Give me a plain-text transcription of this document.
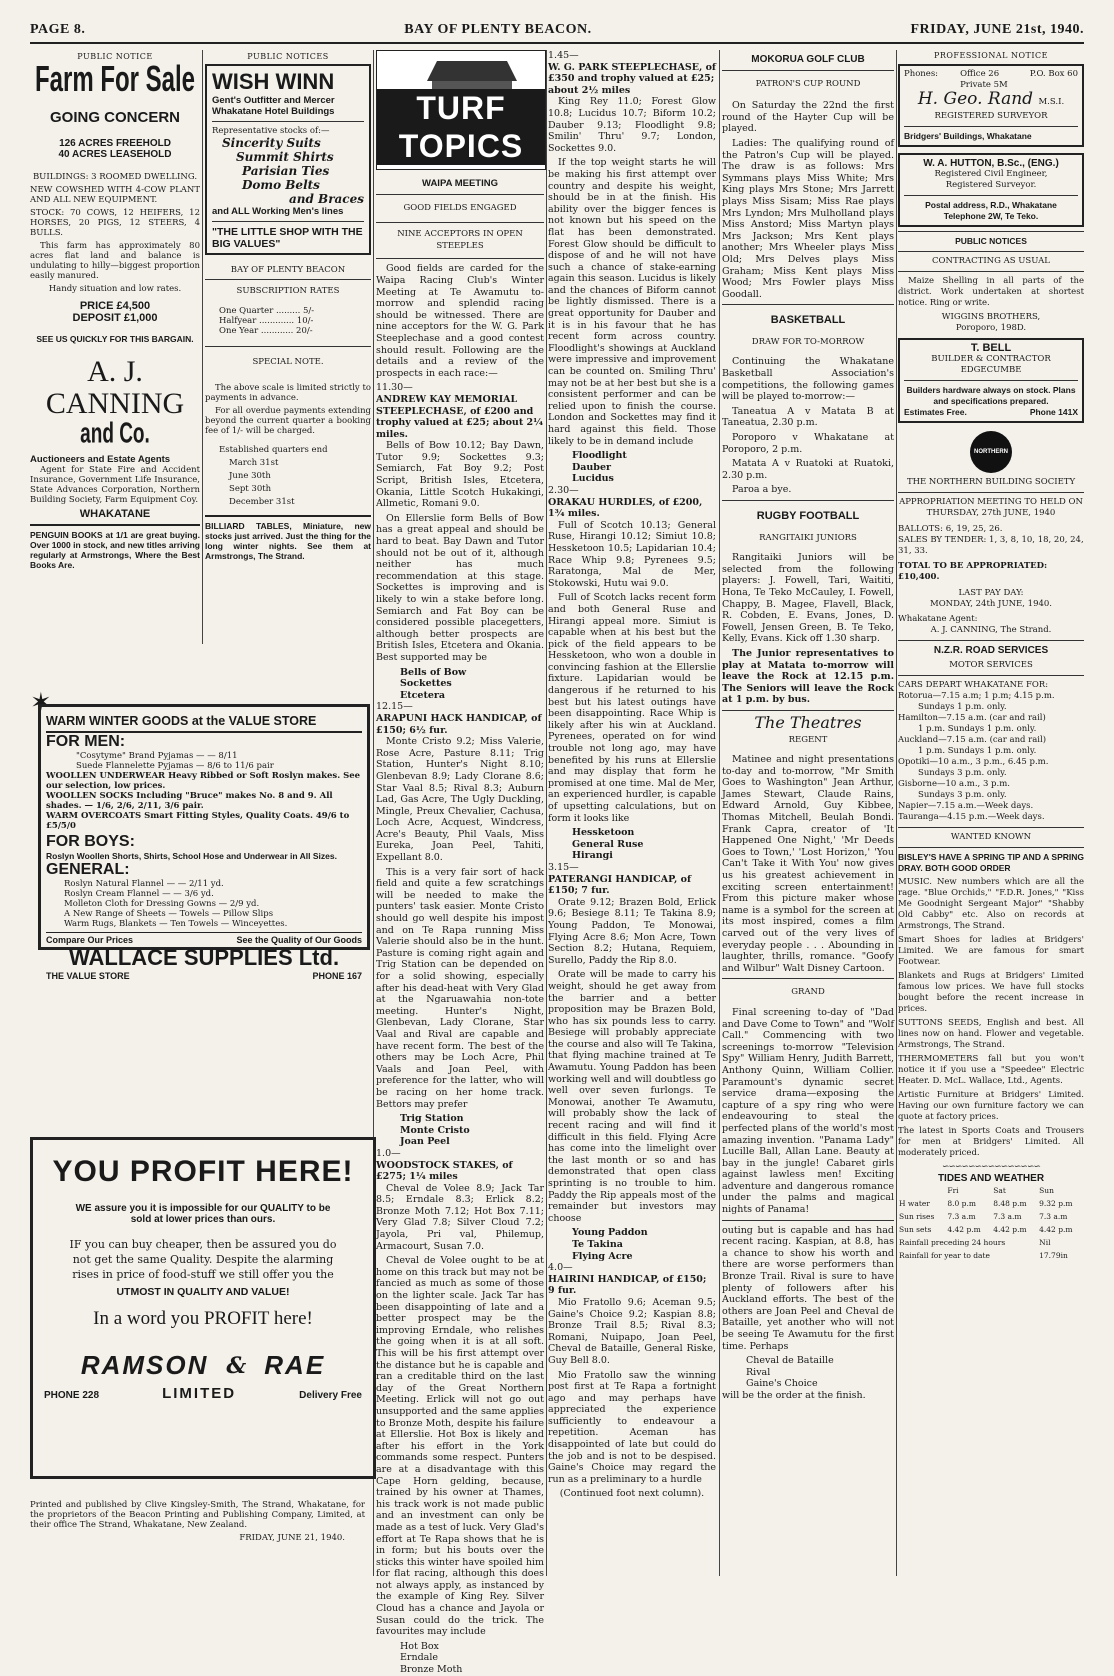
PAGE 8.	BAY OF PLENTY BEACON.	FRIDAY, JUNE 21st, 1940.
PUBLIC NOTICE
Farm For Sale
GOING CONCERN
126 ACRES FREEHOLD
40 ACRES LEASEHOLD

BUILDINGS: 3 ROOMED DWELLING.

NEW COWSHED WITH 4-COW PLANT AND ALL NEW EQUIPMENT.

STOCK: 70 COWS, 12 HEIFERS, 12 HORSES, 20 PIGS, 12 STEERS, 4 BULLS.

This farm has approximately 80 acres flat land and balance is undulating to hilly—biggest proportion easily manured.

Handy situation and low rates.

PRICE £4,500
DEPOSIT £1,000
SEE US QUICKLY FOR THIS BARGAIN.
A. J. CANNING
and Co.
Auctioneers and Estate Agents

Agent for State Fire and Accident Insurance, Government Life Insurance, State Advances Corporation, Northern Building Society, Farm Equipment Coy.

WHAKATANE

PENGUIN BOOKS at 1/1 are great buying. Over 1000 in stock, and new titles arriving regularly at Armstrongs, Where the Best Books Are.

PUBLIC NOTICES
WISH WINN
Gent's Outfitter and Mercer
Whakatane Hotel Buildings
Representative stocks of:—
Sincerity Suits
Summit Shirts
Parisian Ties
Domo Belts
and Braces
and ALL Working Men's lines
"THE LITTLE SHOP WITH THE BIG VALUES"
BAY OF PLENTY BEACON
SUBSCRIPTION RATES
One Quarter ......... 5/-
Halfyear ............. 10/-
One Year ............ 20/-
SPECIAL NOTE.

The above scale is limited strictly to payments in advance.

For all overdue payments extending beyond the current quarter a booking fee of 1/- will be charged.

Established quarters end
March 31st
June 30th
Sept 30th
December 31st

BILLIARD TABLES, Miniature, new stocks just arrived. Just the thing for the long winter nights. See them at Armstrongs, The Strand.

✶
WARM WINTER GOODS at the VALUE STORE
FOR MEN:
"Cosytyme" Brand Pyjamas — — 8/11
Suede Flannelette Pyjamas — 8/6 to 11/6 pair
WOOLLEN UNDERWEAR Heavy Ribbed or Soft Roslyn makes. See our selection, low prices.
WOOLLEN SOCKS Including "Bruce" makes No. 8 and 9. All shades. — 1/6, 2/6, 2/11, 3/6 pair.
WARM OVERCOATS Smart Fitting Styles, Quality Coats. 49/6 to £5/5/0
FOR BOYS:
Roslyn Woollen Shorts, Shirts, School Hose and Underwear in All Sizes.
GENERAL:
Roslyn Natural Flannel — — 2/11 yd.
Roslyn Cream Flannel — — 3/6 yd.
Molleton Cloth for Dressing Gowns — 2/9 yd.
A New Range of Sheets — Towels — Pillow Slips
Warm Rugs, Blankets — Ten Towels — Winceyettes.
Compare Our Prices	See the Quality of Our Goods
WALLACE SUPPLIES Ltd.
THE VALUE STORE	PHONE 167
YOU PROFIT HERE!
WE assure you it is impossible for our QUALITY to be sold at lower prices than ours.
IF you can buy cheaper, then be assured you do not get the same Quality. Despite the alarming rises in price of food-stuff we still offer you the
UTMOST IN QUALITY AND VALUE!
In a word you PROFIT here!
RAMSON & RAE
PHONE 228	LIMITED	Delivery Free

Printed and published by Clive Kingsley-Smith, The Strand, Whakatane, for the proprietors of the Beacon Printing and Publishing Company, Limited, at their office The Strand, Whakatane, New Zealand.

FRIDAY, JUNE 21, 1940.
TURF TOPICS
WAIPA MEETING
GOOD FIELDS ENGAGED
NINE ACCEPTORS IN OPEN STEEPLES

Good fields are carded for the Waipa Racing Club's Winter Meeting at Te Awamutu to-morrow and splendid racing should be witnessed. There are nine acceptors for the W. G. Park Steeplechase and a good contest should result. Following are the details and a review of the prospects in each race:—

11.30—
ANDREW KAY MEMORIAL STEEPLECHASE, of £200 and trophy valued at £25; about 2¼ miles.

Bells of Bow 10.12; Bay Dawn, Tutor 9.9; Sockettes 9.3; Semiarch, Fat Boy 9.2; Post Script, British Isles, Etcetera, Okania, Little Scotch Hukakingi, Allmetic, Romani 9.0.

On Ellerslie form Bells of Bow has a great appeal and should be hard to beat. Bay Dawn and Tutor should not be out of it, although neither has much recommendation at this stage. Sockettes is improving and is likely to win a stake before long. Semiarch and Fat Boy can be considered possible placegetters, although better prospects are British Isles, Etcetera and Okania. Best supported may be

Bells of Bow
Sockettes
Etcetera
12.15—
ARAPUNI HACK HANDICAP, of £150; 6½ fur.

Monte Cristo 9.2; Miss Valerie, Rose Acre, Pasture 8.11; Trig Station, Hunter's Night 8.10; Glenbevan 8.9; Lady Clorane 8.6; Star Vaal 8.5; Rival 8.3; Auburn Lad, Gas Acre, The Ugly Duckling, Mingle, Preux Chevalier, Cachusa, Loch Acre, Acquest, Windcress, Acre's Beauty, Phil Vaals, Miss Eureka, Joan Peel, Tahiti, Expellant 8.0.

This is a very fair sort of hack field and quite a few scratchings will be needed to make the punters' task easier. Monte Cristo should go well despite his impost and on Te Rapa running Miss Valerie should also be in the hunt. Pasture is coming right again and Trig Station can be depended on for a solid showing, especially after his dead-heat with Very Glad at the Ngaruawahia non-tote meeting. Hunter's Night, Glenbevan, Lady Clorane, Star Vaal and Rival are capable and have recent form. The best of the others may be Loch Acre, Phil Vaals and Joan Peel, with preference for the latter, who will be racing on her home track. Bettors may prefer

Trig Station
Monte Cristo
Joan Peel
1.0—
WOODSTOCK STAKES, of £275; 1¼ miles

Cheval de Volee 8.9; Jack Tar 8.5; Erndale 8.3; Erlick 8.2; Bronze Moth 7.12; Hot Box 7.11; Very Glad 7.8; Silver Cloud 7.2; Jayola, Pri val, Philemup, Armacourt, Susan 7.0.

Cheval de Volee ought to be at home on this track but may not be fancied as much as some of those on the lighter scale. Jack Tar has been disappointing of late and a better prospect may be the improving Erndale, who relishes the going when it is at all soft. This will be his first attempt over the distance but he is capable and ran a creditable third on the last day of the Great Northern Meeting. Erlick will not go out unsupported and the same applies to Bronze Moth, despite his failure at Ellerslie. Hot Box is likely and after his effort in the York commands some respect. Punters are at a disadvantage with this Cape Horn gelding, because, trained by his owner at Thames, his track work is not made public and an investment can only be made as a test of luck. Very Glad's effort at Te Rapa shows that he is in form; but his bouts over the sticks this winter have spoiled him for flat racing, although this does not always apply, as instanced by the example of King Rey. Silver Cloud has a chance and Jayola or Susan could do the trick. The favourites may include

Hot Box
Erndale
Bronze Moth
1.45—
W. G. PARK STEEPLECHASE, of £350 and trophy valued at £25; about 2½ miles

King Rey 11.0; Forest Glow 10.8; Lucidus 10.7; Biform 10.2; Dauber 9.13; Floodlight 9.8; Smilin' Thru' 9.7; London, Sockettes 9.0.

If the top weight starts he will be making his first attempt over country and despite his weight, should be in at the finish. His ability over the bigger fences is not known but his speed on the flat has been demonstrated. Forest Glow should be difficult to dispose of and he will not have such a chance of stake-earning again this season. Lucidus is likely and the chances of Biform cannot be lightly dismissed. There is a great opportunity for Dauber and it is in his favour that he has recent form across country. Floodlight's showings at Auckland were impressive and improvement can be counted on. Smiling Thru' may not be at her best but she is a consistent performer and can be relied upon to finish the course. London and Sockettes may find it hard against this field. Those likely to be in demand include

Floodlight
Dauber
Lucidus
2.30—
ORAKAU HURDLES, of £200, 1¾ miles.

Full of Scotch 10.13; General Ruse, Hirangi 10.12; Simiut 10.8; Hessketoon 10.5; Lapidarian 10.4; Race Whip 9.8; Pyrenees 9.5; Raratonga, Mal de Mer, Stokowski, Hutu wai 9.0.

Full of Scotch lacks recent form and both General Ruse and Hirangi appeal more. Simiut is capable when at his best but the pick of the field appears to be Hessketoon, who won a double in convincing fashion at the Ellerslie fixture. Lapidarian would be dangerous if he returned to his best but his latest outings have been disappointing. Race Whip is likely after his win at Auckland. Pyrenees, operated on for wind trouble not long ago, may have benefited by his runs at Ellerslie and may display that form he promised at one time. Mal de Mer, an experienced hurdler, is capable of upsetting calculations, but on form it looks like

Hessketoon
General Ruse
Hirangi
3.15—
PATERANGI HANDICAP, of £150; 7 fur.

Orate 9.12; Brazen Bold, Erlick 9.6; Besiege 8.11; Te Takina 8.9; Young Paddon, Te Monowai, Flying Acre 8.6; Mon Acre, Town Section 8.2; Hutana, Requiem, Surello, Paddy the Rip 8.0.

Orate will be made to carry his weight, should he get away from the barrier and a better proposition may be Brazen Bold, who has six pounds less to carry. Besiege will probably appreciate the course and also will Te Takina, that flying machine trained at Te Awamutu. Young Paddon has been working well and will doubtless go well over seven furlongs. Te Monowai, another Te Awamutu, will probably show the lack of recent racing and will find it difficult in this field. Flying Acre has come into the limelight over the last month or so and has demonstrated that open class sprinting is no trouble to him. Paddy the Rip appeals most of the remainder but investors may choose

Young Paddon
Te Takina
Flying Acre
4.0—
HAIRINI HANDICAP, of £150; 9 fur.

Mio Fratollo 9.6; Aceman 9.5; Gaine's Choice 9.2; Kaspian 8.8; Bronze Trail 8.5; Rival 8.3; Romani, Nuipapo, Joan Peel, Cheval de Bataille, General Riske, Guy Bell 8.0.

Mio Fratollo saw the winning post first at Te Rapa a fortnight ago and may perhaps have appreciated the experience sufficiently to endeavour a repetition. Aceman has disappointed of late but could do the job and is not to be despised. Gaine's Choice may regard the run as a preliminary to a hurdle

(Continued foot next column).
MOKORUA GOLF CLUB
PATRON'S CUP ROUND

On Saturday the 22nd the first round of the Hayter Cup will be played.

Ladies: The qualifying round of the Patron's Cup will be played. The draw is as follows: Mrs Symmans plays Miss White; Mrs King plays Mrs Stone; Mrs Jarrett plays Miss Sisam; Miss Rae plays Mrs Lyndon; Mrs Mulholland plays Miss Anstord; Miss Martyn plays Mrs Jackson; Mrs Kent plays another; Mrs Wheeler plays Miss Old; Mrs Delves plays Miss Graham; Miss Kent plays Miss Wood; Mrs Fowler plays Miss Goodall.

BASKETBALL
DRAW FOR TO-MORROW

Continuing the Whakatane Basketball Association's competitions, the following games will be played to-morrow:—

Taneatua A v Matata B at Taneatua, 2.30 p.m.

Poroporo v Whakatane at Poroporo, 2 p.m.

Matata A v Ruatoki at Ruatoki, 2.30 p.m.

Paroa a bye.

RUGBY FOOTBALL
RANGITAIKI JUNIORS

Rangitaiki Juniors will be selected from the following players: J. Fowell, Tari, Waititi, Hona, Te Teko McCauley, I. Fowell, Chappy, B. Magee, Flavell, Black, R. Cobden, E. Evans, Jones, D. Fowell, Jensen Green, B. Te Teko, Kelly, Evans. Kick off 1.30 sharp.

The Junior representatives to play at Matata to-morrow will leave the Rock at 12.15 p.m. The Seniors will leave the Rock at 1 p.m. by bus.

The Theatres
REGENT

Matinee and night presentations to-day and to-morrow, "Mr Smith Goes to Washington" Jean Arthur, James Stewart, Claude Rains, Edward Arnold, Guy Kibbee, Thomas Mitchell, Beulah Bondi. Frank Capra, creator of 'It Happened One Night,' 'Mr Deeds Goes to Town,' 'Lost Horizon,' 'You Can't Take it With You' now gives us his greatest achievement in exciting screen entertainment! From this picture maker whose name is a symbol for the screen at its most inspired, comes a film carved out of the very lives of everyday people . . . Abounding in laughter, thrills, romance. "Goofy and Wilbur" Walt Disney Cartoon.

GRAND

Final screening to-day of "Dad and Dave Come to Town" and "Wolf Call." Commencing with two screenings to-morrow "Television Spy" William Henry, Judith Barrett, Anthony Quinn, William Collier. Paramount's dynamic secret service drama—exposing the capture of a spy ring who were endeavouring to steal the perfected plans of the world's most amazing invention. "Panama Lady" Lucille Ball, Allan Lane. Beauty at bay in the jungle! Cabaret girls against lawless men! Exciting adventure and dangerous romance under the palms and magical nights of Panama!

outing but is capable and has had recent racing. Kaspian, at 8.8, has a chance to show his worth and there are worse performers than Bronze Trail. Rival is sure to have plenty of followers after his Auckland efforts. The best of the others are Joan Peel and Cheval de Bataille, yet another who will not be seeing Te Awamutu for the first time. Perhaps

Cheval de Bataille
Rival
Gaine's Choice
will be the order at the finish.
PROFESSIONAL NOTICE
Phones:	Office 26
Private 5M
P.O. Box 60
H. Geo. Rand M.S.I.
REGISTERED SURVEYOR
Bridgers' Buildings, Whakatane
W. A. HUTTON, B.Sc., (ENG.)
Registered Civil Engineer,
Registered Surveyor.
Postal address, R.D., Whakatane
Telephone 2W, Te Teko.
PUBLIC NOTICES
CONTRACTING AS USUAL

Maize Shelling in all parts of the district. Work undertaken at shortest notice. Ring or write.

WIGGINS BROTHERS,
Poroporo, 198D.
T. BELL
BUILDER & CONTRACTOR
EDGECUMBE
Builders hardware always on stock. Plans and specifications prepared.
Estimates Free.	Phone 141X
NORTHERN
THE NORTHERN BUILDING SOCIETY
APPROPRIATION MEETING TO HELD ON
THURSDAY, 27th JUNE, 1940
BALLOTS: 6, 19, 25, 26.
SALES BY TENDER: 1, 3, 8, 10, 18, 20, 24, 31, 33.
TOTAL TO BE APPROPRIATED: £10,400.
LAST PAY DAY:
MONDAY, 24th JUNE, 1940.
Whakatane Agent:
A. J. CANNING, The Strand.
N.Z.R. ROAD SERVICES
MOTOR SERVICES
CARS DEPART WHAKATANE FOR:
Rotorua—7.15 a.m; 1 p.m; 4.15 p.m.
Sundays 1 p.m. only.
Hamilton—7.15 a.m. (car and rail)
1 p.m. Sundays 1 p.m. only.
Auckland—7.15 a.m. (car and rail)
1 p.m. Sundays 1 p.m. only.
Opotiki—10 a.m., 3 p.m., 6.45 p.m.
Sundays 3 p.m. only.
Gisborne—10 a.m., 3 p.m.
Sundays 3 p.m. only.
Napier—7.15 a.m.—Week days.
Tauranga—4.15 p.m.—Week days.
WANTED KNOWN

BISLEY'S HAVE A SPRING TIP AND A SPRING DRAY. BOTH GOOD ORDER

MUSIC. New numbers which are all the rage. "Blue Orchids," "F.D.R. Jones," "Kiss Me Goodnight Sergeant Major" "Shabby Old Cabby" etc. Also on records at Armstrongs, The Strand.

Smart Shoes for ladies at Bridgers' Limited. We are famous for smart Footwear.

Blankets and Rugs at Bridgers' Limited famous low prices. We have full stocks bought before the recent increase in prices.

SUTTONS SEEDS, English and best. All lines now on hand. Flower and vegetable. Armstrongs, The Strand.

THERMOMETERS fall but you won't notice it if you use a "Speedee" Electric Heater. D. McL. Wallace, Ltd., Agents.

Artistic Furniture at Bridgers' Limited. Having our own furniture factory we can quote at factory prices.

The latest in Sports Coats and Trousers for men at Bridgers' Limited. All moderately priced.

∽∽∽∽∽∽∽∽∽∽∽∽∽∽∽
TIDES AND WEATHER
	Fri	Sat	Sun
H water	8.0 p.m	8.48 p.m	9.32 p.m
Sun rises	7.3 a.m	7.3 a.m	7.3 a.m
Sun sets	4.42 p.m	4.42 p.m	4.42 p.m
Rainfall preceding 24 hours			Nil
Rainfall for year to date			17.79in
